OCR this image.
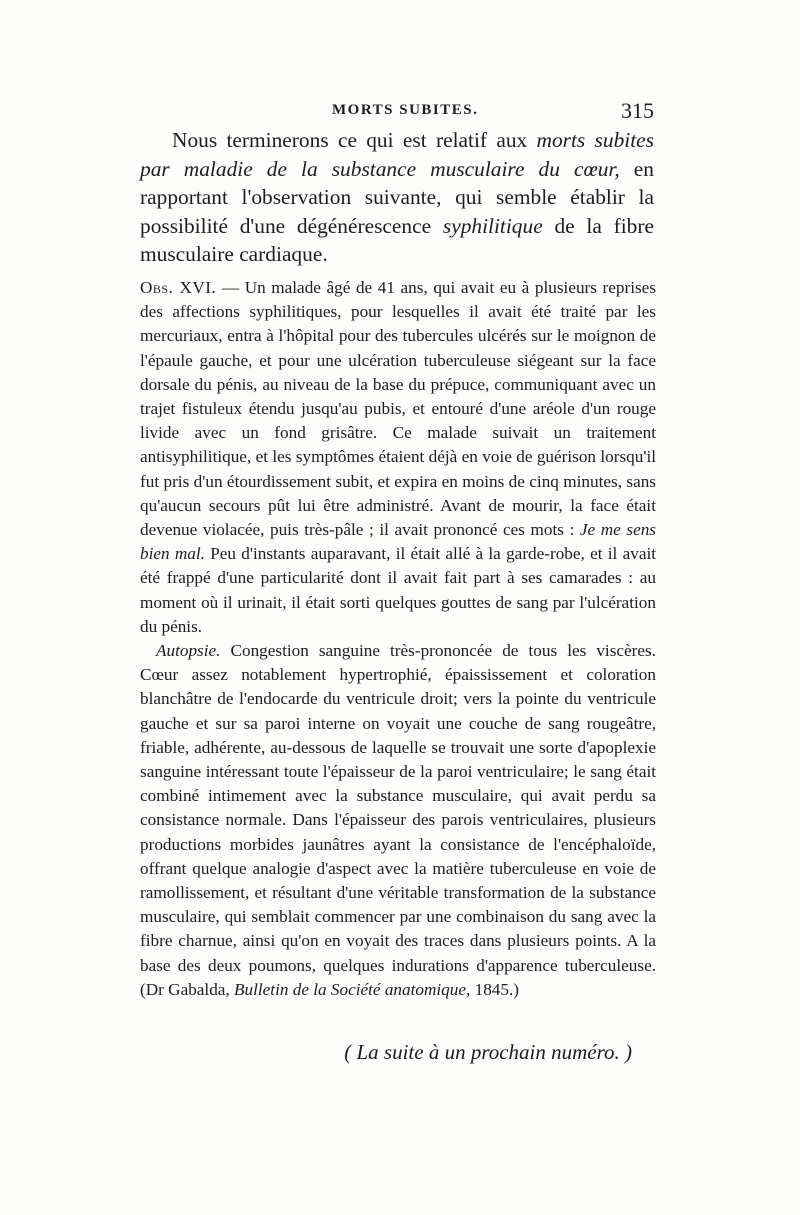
MORTS SUBITES.	315

Nous terminerons ce qui est relatif aux morts subites par maladie de la substance musculaire du cœur, en rapportant l'observation suivante, qui semble établir la possibilité d'une dégénérescence syphilitique de la fibre musculaire cardiaque.

Obs. XVI. — Un malade âgé de 41 ans, qui avait eu à plusieurs reprises des affections syphilitiques, pour lesquelles il avait été traité par les mercuriaux, entra à l'hôpital pour des tubercules ulcérés sur le moignon de l'épaule gauche, et pour une ulcération tuberculeuse siégeant sur la face dorsale du pénis, au niveau de la base du prépuce, communiquant avec un trajet fistuleux étendu jusqu'au pubis, et entouré d'une aréole d'un rouge livide avec un fond grisâtre. Ce malade suivait un traitement antisyphilitique, et les symptômes étaient déjà en voie de guérison lorsqu'il fut pris d'un étourdissement subit, et expira en moins de cinq minutes, sans qu'aucun secours pût lui être administré. Avant de mourir, la face était devenue violacée, puis très-pâle ; il avait prononcé ces mots : Je me sens bien mal. Peu d'instants auparavant, il était allé à la garde-robe, et il avait été frappé d'une particularité dont il avait fait part à ses camarades : au moment où il urinait, il était sorti quelques gouttes de sang par l'ulcération du pénis.

Autopsie. Congestion sanguine très-prononcée de tous les viscères. Cœur assez notablement hypertrophié, épaississement et coloration blanchâtre de l'endocarde du ventricule droit; vers la pointe du ventricule gauche et sur sa paroi interne on voyait une couche de sang rougeâtre, friable, adhérente, au-dessous de laquelle se trouvait une sorte d'apoplexie sanguine intéressant toute l'épaisseur de la paroi ventriculaire; le sang était combiné intimement avec la substance musculaire, qui avait perdu sa consistance normale. Dans l'épaisseur des parois ventriculaires, plusieurs productions morbides jaunâtres ayant la consistance de l'encéphaloïde, offrant quelque analogie d'aspect avec la matière tuberculeuse en voie de ramollissement, et résultant d'une véritable transformation de la substance musculaire, qui semblait commencer par une combinaison du sang avec la fibre charnue, ainsi qu'on en voyait des traces dans plusieurs points. A la base des deux poumons, quelques indurations d'apparence tuberculeuse. (Dr Gabalda, Bulletin de la Société anatomique, 1845.)

( La suite à un prochain numéro. )
